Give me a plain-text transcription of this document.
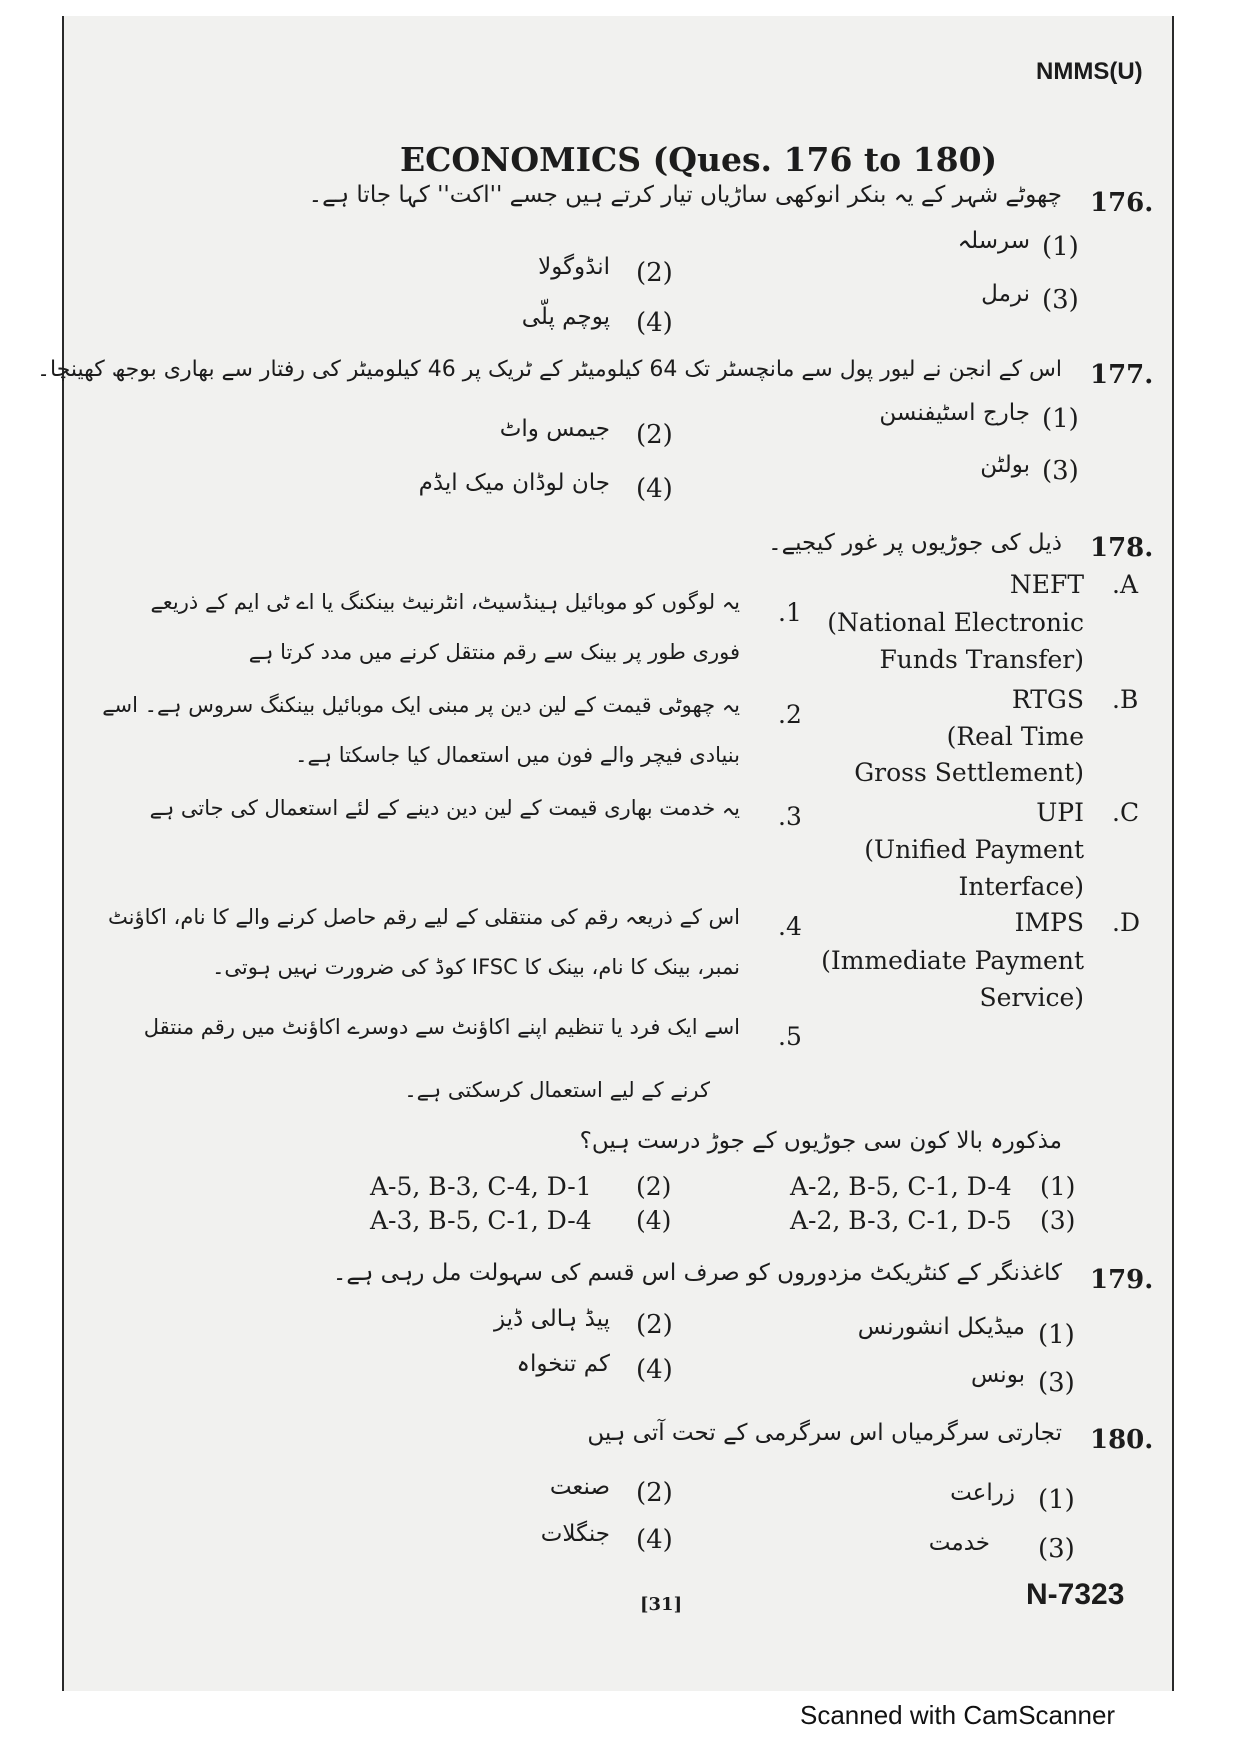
NMMS(U)
ECONOMICS (Ques. 176 to 180)
176.
چھوٹے شہر کے یہ بنکر انوکھی ساڑیاں تیار کرتے ہیں جسے ''اکت'' کہا جاتا ہے۔
(1)
سرسلہ
(2)
انڈوگولا
(3)
نرمل
(4)
پوچم پلّی
177.
اس کے انجن نے لیور پول سے مانچسٹر تک 64 کیلومیٹر کے ٹریک پر 46 کیلومیٹر کی رفتار سے بھاری بوجھ کھینچا۔
(1)
جارج اسٹیفنسن
(2)
جیمس واٹ
(3)
بولٹن
(4)
جان لوڈان میک ایڈم
178.
ذیل کی جوڑیوں پر غور کیجیے۔
.A
NEFT
(National Electronic
Funds Transfer)
.B
RTGS
(Real Time
Gross Settlement)
.C
UPI
(Unified Payment
Interface)
.D
IMPS
(Immediate Payment
Service)
.1
یہ لوگوں کو موبائیل ہینڈسیٹ، انٹرنیٹ بینکنگ یا اے ٹی ایم کے ذریعے
فوری طور پر بینک سے رقم منتقل کرنے میں مدد کرتا ہے
.2
یہ چھوٹی قیمت کے لین دین پر مبنی ایک موبائیل بینکنگ سروس ہے۔ اسے
بنیادی فیچر والے فون میں استعمال کیا جاسکتا ہے۔
.3
یہ خدمت بھاری قیمت کے لین دین دینے کے لئے استعمال کی جاتی ہے
.4
اس کے ذریعہ رقم کی منتقلی کے لیے رقم حاصل کرنے والے کا نام، اکاؤنٹ
نمبر، بینک کا نام، بینک کا IFSC کوڈ کی ضرورت نہیں ہوتی۔
.5
اسے ایک فرد یا تنظیم اپنے اکاؤنٹ سے دوسرے اکاؤنٹ میں رقم منتقل
کرنے کے لیے استعمال کرسکتی ہے۔
مذکورہ بالا کون سی جوڑیوں کے جوڑ درست ہیں؟
A-2, B-5, C-1, D-4 (1)
A-5, B-3, C-4, D-1 (2)
A-2, B-3, C-1, D-5 (3)
A-3, B-5, C-1, D-4 (4)
179.
کاغذنگر کے کنٹریکٹ مزدوروں کو صرف اس قسم کی سہولت مل رہی ہے۔
(1)
میڈیکل انشورنس
(2)
پیڈ ہالی ڈیز
(3)
بونس
(4)
کم تنخواہ
180.
تجارتی سرگرمیاں اس سرگرمی کے تحت آتی ہیں
(1)
زراعت
(2)
صنعت
(3)
خدمت
(4)
جنگلات
[31]	N-7323
Scanned with CamScanner
